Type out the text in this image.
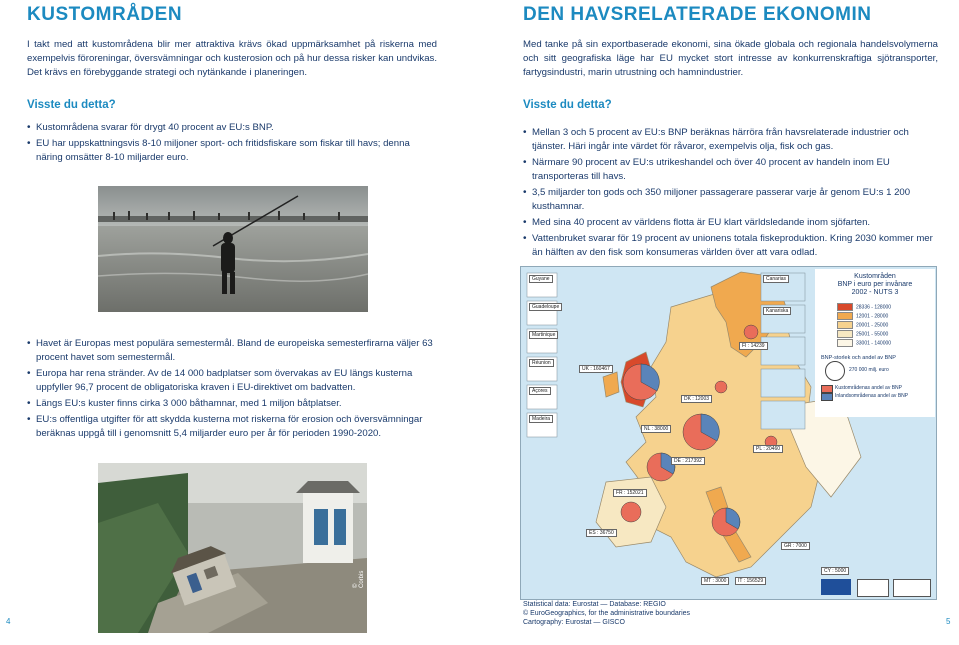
KUSTOMRÅDEN

I takt med att kustområdena blir mer attraktiva krävs ökad uppmärksamhet på riskerna med exempelvis föroreningar, översvämningar och kusterosion och på hur dessa risker kan undvikas. Det krävs en förebyggande strategi och nytänkande i planeringen.

Visste du detta?
• Kustområdena svarar för drygt 40 procent av EU:s BNP.
• EU har uppskattningsvis 8-10 miljoner sport- och fritidsfiskare som fiskar till havs; denna näring omsätter 8-10 miljarder euro.
• Havet är Europas mest populära semestermål. Bland de europeiska semesterfirarna väljer 63 procent havet som semestermål.
• Europa har rena stränder. Av de 14 000 badplatser som övervakas av EU längs kusterna uppfyller 96,7 procent de obligatoriska kraven i EU-direktivet om badvatten.
• Längs EU:s kuster finns cirka 3 000 båthamnar, med 1 miljon båtplatser.
• EU:s offentliga utgifter för att skydda kusterna mot riskerna för erosion och översvämningar beräknas uppgå till i genomsnitt 5,4 miljarder euro per år för perioden 1990-2020.
© Corbis
4
DEN HAVSRELATERADE EKONOMIN

Med tanke på sin exportbaserade ekonomi, sina ökade globala och regionala handelsvolymerna och sitt geografiska läge har EU mycket stort intresse av konkurrenskraftiga sjötransporter, fartygsindustri, marin utrustning och hamnindustrier.

Visste du detta?
• Mellan 3 och 5 procent av EU:s BNP beräknas härröra från havsrelaterade industrier och tjänster. Häri ingår inte värdet för råvaror, exempelvis olja, fisk och gas.
• Närmare 90 procent av EU:s utrikeshandel och över 40 procent av handeln inom EU transporteras till havs.
• 3,5 miljarder ton gods och 350 miljoner passagerare passerar varje år genom EU:s 1 200 kusthamnar.
• Med sina 40 procent av världens flotta är EU klart världsledande inom sjöfarten.
• Vattenbruket svarar för 19 procent av unionens totala fiskeproduktion. Kring 2030 kommer mer än hälften av den fisk som konsumeras världen över att vara odlad.
Kustområden
BNP i euro per invånare
2002 - NUTS 3
28336 - 128000
12001 - 28000
20001 - 25000
25001 - 55000
33001 - 140000
BNP-storlek och andel av BNP
270 000 milj. euro
Kustområdenas andel av BNP
Inlandsområdenas andel av BNP
Guyane
Guadeloupe
Martinique
Réunion
Açores
Madeira
Canarias
Kanariska
UK : 160467
FI : 14239
DK : 12003
DE : 217392
NL : 38000
FR : 152021
ES : 36750
IT : 156529
PL : 20460
CY : 5000
MT : 3000
GR : 7000
Statistical data: Eurostat — Database: REGIO
© EuroGeographics, for the administrative boundaries
Cartography: Eurostat — GISCO	5
